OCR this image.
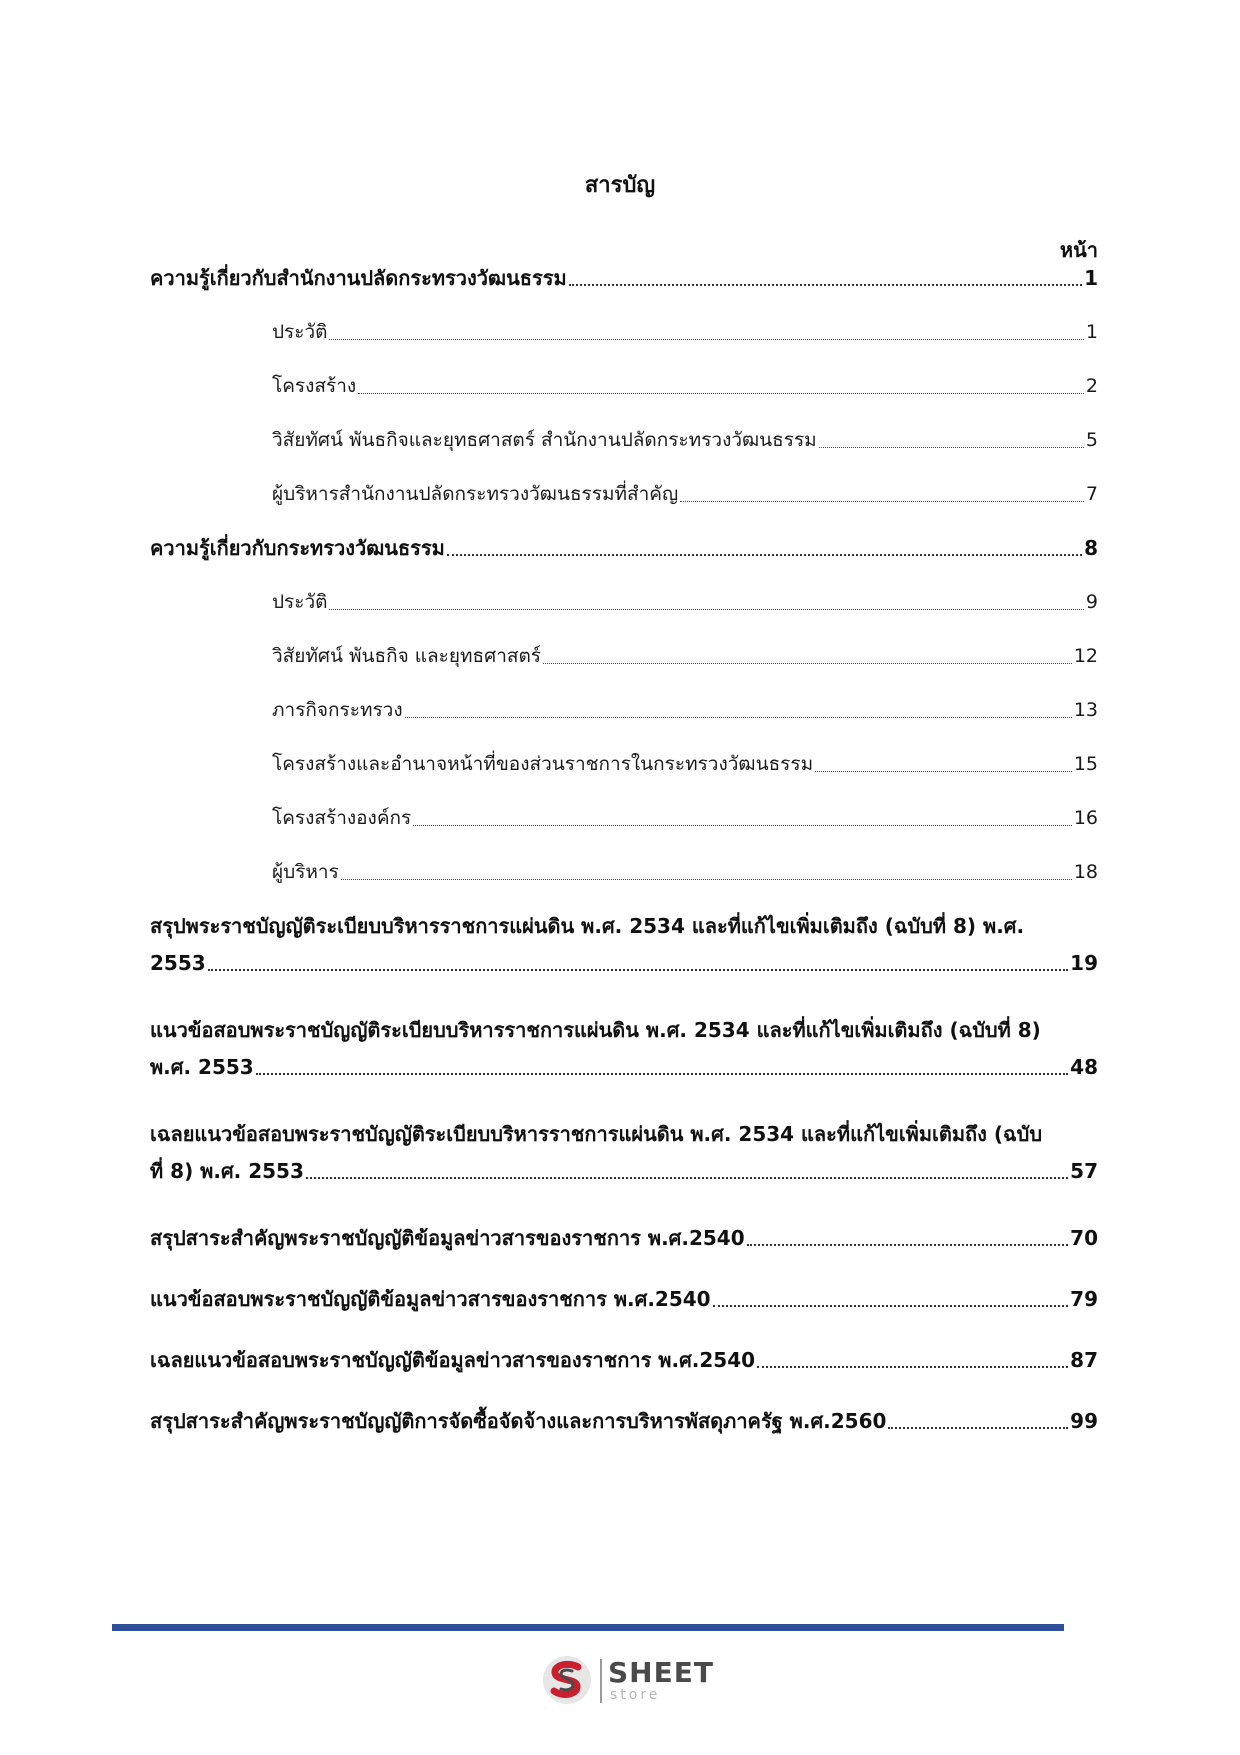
สารบัญ
หน้า
ความรู้เกี่ยวกับสำนักงานปลัดกระทรวงวัฒนธรรม	1
ประวัติ	1
โครงสร้าง	2
วิสัยทัศน์ พันธกิจและยุทธศาสตร์ สำนักงานปลัดกระทรวงวัฒนธรรม	5
ผู้บริหารสำนักงานปลัดกระทรวงวัฒนธรรมที่สำคัญ	7
ความรู้เกี่ยวกับกระทรวงวัฒนธรรม	8
ประวัติ	9
วิสัยทัศน์ พันธกิจ และยุทธศาสตร์	12
ภารกิจกระทรวง	13
โครงสร้างและอำนาจหน้าที่ของส่วนราชการในกระทรวงวัฒนธรรม	15
โครงสร้างองค์กร	16
ผู้บริหาร	18
สรุปพระราชบัญญัติระเบียบบริหารราชการแผ่นดิน พ.ศ. 2534 และที่แก้ไขเพิ่มเติมถึง (ฉบับที่ 8) พ.ศ.
2553	19
แนวข้อสอบพระราชบัญญัติระเบียบบริหารราชการแผ่นดิน พ.ศ. 2534 และที่แก้ไขเพิ่มเติมถึง (ฉบับที่ 8)
พ.ศ. 2553	48
เฉลยแนวข้อสอบพระราชบัญญัติระเบียบบริหารราชการแผ่นดิน พ.ศ. 2534 และที่แก้ไขเพิ่มเติมถึง (ฉบับ
ที่ 8) พ.ศ. 2553	57
สรุปสาระสำคัญพระราชบัญญัติข้อมูลข่าวสารของราชการ พ.ศ.2540	70
แนวข้อสอบพระราชบัญญัติข้อมูลข่าวสารของราชการ พ.ศ.2540	79
เฉลยแนวข้อสอบพระราชบัญญัติข้อมูลข่าวสารของราชการ พ.ศ.2540	87
สรุปสาระสำคัญพระราชบัญญัติการจัดซื้อจัดจ้างและการบริหารพัสดุภาครัฐ พ.ศ.2560	99
SHEET
store
